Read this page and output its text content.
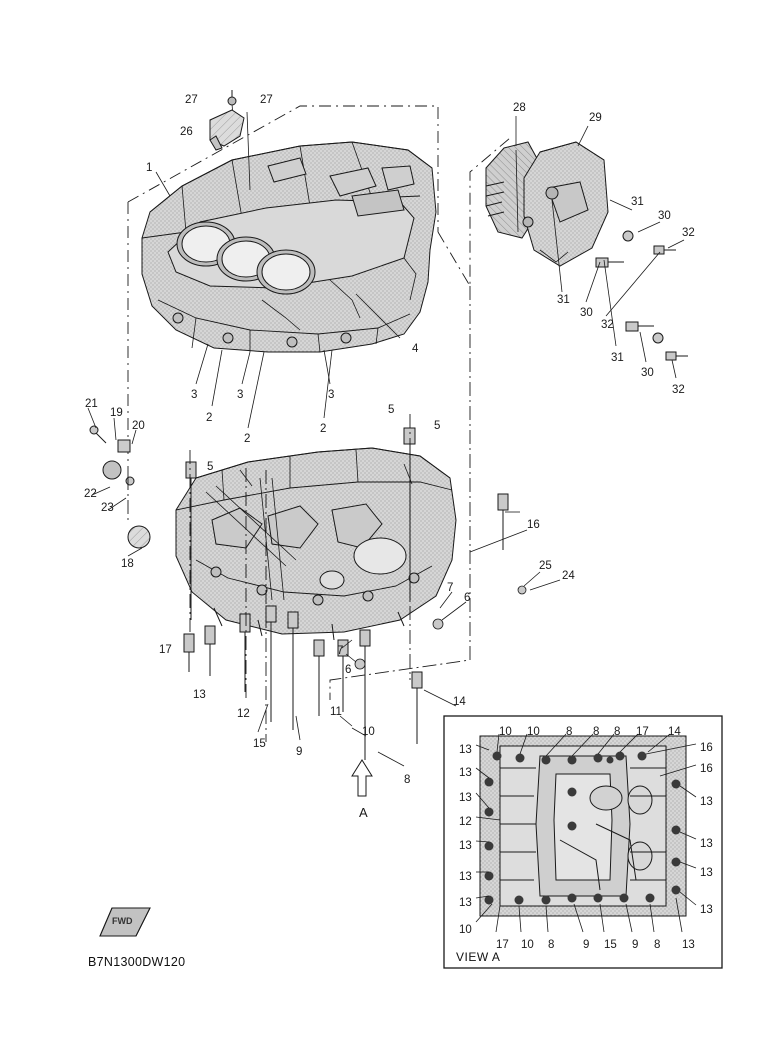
27	27
26
1
28
29
31
30
32
31
30
32
31
30
32
4
3
2
3
2
3
2
21
19
20
22
23
18
5
5
5
16
25
24
7
6
7
6
17
13
12
15
9
11
10
14
8
10 10 8 8 8 17 14
13
13
13
12
13
13
13
10
16
16
13
13
13
13
17 10 8 9 15 9 8 13
B7N1300DW120	VIEW A
A
FWD
